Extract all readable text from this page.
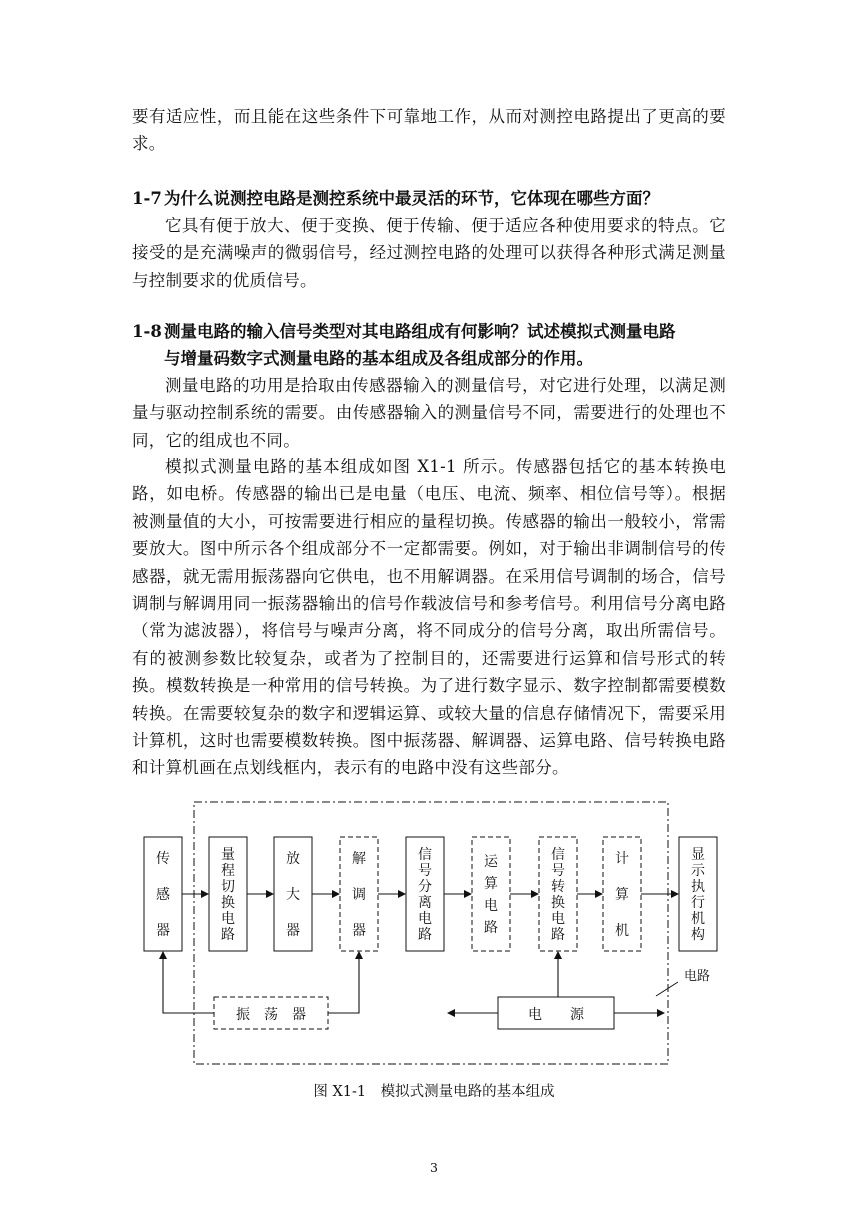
要有适应性，而且能在这些条件下可靠地工作，从而对测控电路提出了更高的要求。

1-7 为什么说测控电路是测控系统中最灵活的环节，它体现在哪些方面？

它具有便于放大、便于变换、便于传输、便于适应各种使用要求的特点。它接受的是充满噪声的微弱信号，经过测控电路的处理可以获得各种形式满足测量与控制要求的优质信号。

1-8 测量电路的输入信号类型对其电路组成有何影响？试述模拟式测量电路
与增量码数字式测量电路的基本组成及各组成部分的作用。

测量电路的功用是拾取由传感器输入的测量信号，对它进行处理，以满足测量与驱动控制系统的需要。由传感器输入的测量信号不同，需要进行的处理也不同，它的组成也不同。

模拟式测量电路的基本组成如图 X1-1 所示。传感器包括它的基本转换电路，如电桥。传感器的输出已是电量（电压、电流、频率、相位信号等）。根据被测量值的大小，可按需要进行相应的量程切换。传感器的输出一般较小，常需要放大。图中所示各个组成部分不一定都需要。例如，对于输出非调制信号的传感器，就无需用振荡器向它供电，也不用解调器。在采用信号调制的场合，信号调制与解调用同一振荡器输出的信号作载波信号和参考信号。利用信号分离电路（常为滤波器），将信号与噪声分离，将不同成分的信号分离，取出所需信号。有的被测参数比较复杂，或者为了控制目的，还需要进行运算和信号形式的转换。模数转换是一种常用的信号转换。为了进行数字显示、数字控制都需要模数转换。在需要较复杂的数字和逻辑运算、或较大量的信息存储情况下，需要采用计算机，这时也需要模数转换。图中振荡器、解调器、运算电路、信号转换电路和计算机画在点划线框内，表示有的电路中没有这些部分。

传感器
量程切换电路
放大器
解调器
信号分离电路
运算电路
信号转换电路
计算机
显示执行机构
振　荡　器	电　　源
电路
图 X1-1　模拟式测量电路的基本组成
3
